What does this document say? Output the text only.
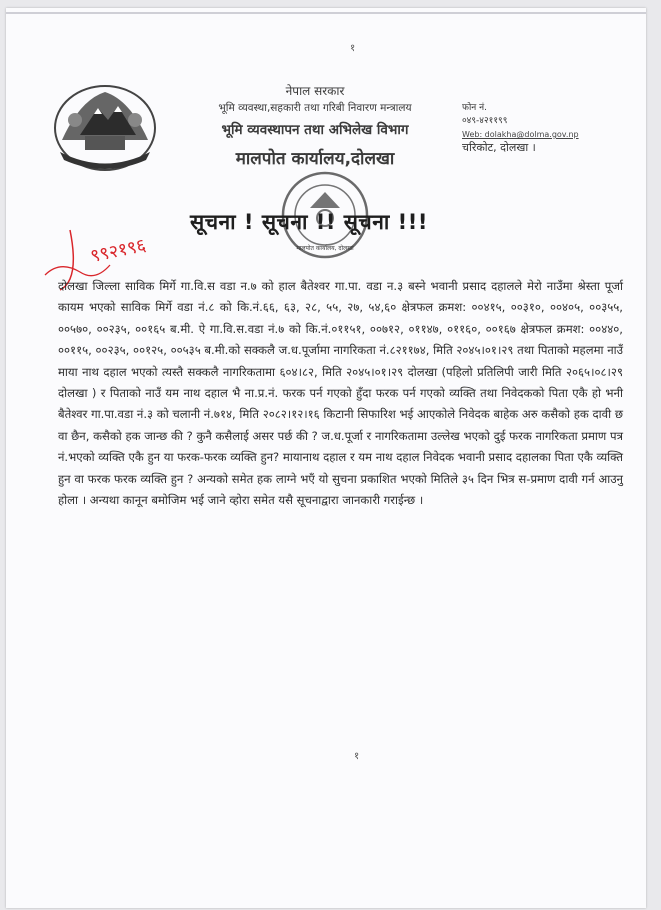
१
नेपाल सरकार
भूमि व्यवस्था,सहकारी तथा गरिबी निवारण मन्त्रालय
भूमि व्यवस्थापन तथा अभिलेख विभाग
मालपोत कार्यालय,दोलखा
फोन नं.
०४९-४२११९९
Web: dolakha@dolma.gov.np
चरिकोट, दोलखा ।
मालपोत कार्यालय, दोलखा
९९२१९६
सूचना ! सूचना !! सूचना !!!
दोलखा जिल्ला साविक मिर्गे गा.वि.स वडा न.७ को हाल बैतेश्वर गा.पा. वडा न.३ बस्ने भवानी प्रसाद दहालले मेरो नाउँमा श्रेस्ता पूर्जा कायम भएको साविक मिर्गे वडा नं.८ को कि.नं.६६, ६३, २८, ५५, २७, ५४,६० क्षेत्रफल क्रमश: ००४१५, ००३१०, ००४०५, ००३५५, ००५७०, ००२३५, ००१६५ ब.मी. ऐ गा.वि.स.वडा नं.७ को कि.नं.०११५१, ००७१२, ०११४७, ०११६०, ००१६७ क्षेत्रफल क्रमश: ००४४०, ००११५, ००२३५, ००१२५, ००५३५ ब.मी.को सक्कलै ज.ध.पूर्जामा नागरिकता नं.८२११७४, मिति २०४५।०१।२९ तथा पिताको महलमा नाउँ माया नाथ दहाल भएको त्यस्तै सक्कलै नागरिकतामा ६०४।८२, मिति २०४५।०१।२९ दोलखा (पहिलो प्रतिलिपी जारी मिति २०६५।०८।२९ दोलखा ) र पिताको नाउँ यम नाथ दहाल भै ना.प्र.नं. फरक पर्न गएको हुँदा फरक पर्न गएको व्यक्ति तथा निवेदकको पिता एकै हो भनी बैतेश्वर गा.पा.वडा नं.३ को चलानी नं.७१४, मिति २०८२।१२।१६ किटानी सिफारिश भई आएकोले निवेदक बाहेक अरु कसैको हक दावी छ वा छैन, कसैको हक जान्छ की ? कुनै कसैलाई असर पर्छ की ? ज.ध.पूर्जा र नागरिकतामा उल्लेख भएको दुई फरक नागरिकता प्रमाण पत्र नं.भएको व्यक्ति एकै हुन या फरक-फरक व्यक्ति हुन? मायानाथ दहाल र यम नाथ दहाल निवेदक भवानी प्रसाद दहालका पिता एकै व्यक्ति हुन वा फरक फरक व्यक्ति हुन ? अन्यको समेत हक लाग्ने भएँ यो सुचना प्रकाशित भएको मितिले ३५ दिन भित्र स-प्रमाण दावी गर्न आउनु होला । अन्यथा कानून बमोजिम भई जाने व्होरा समेत यसै सूचनाद्वारा जानकारी गराईन्छ ।
१
